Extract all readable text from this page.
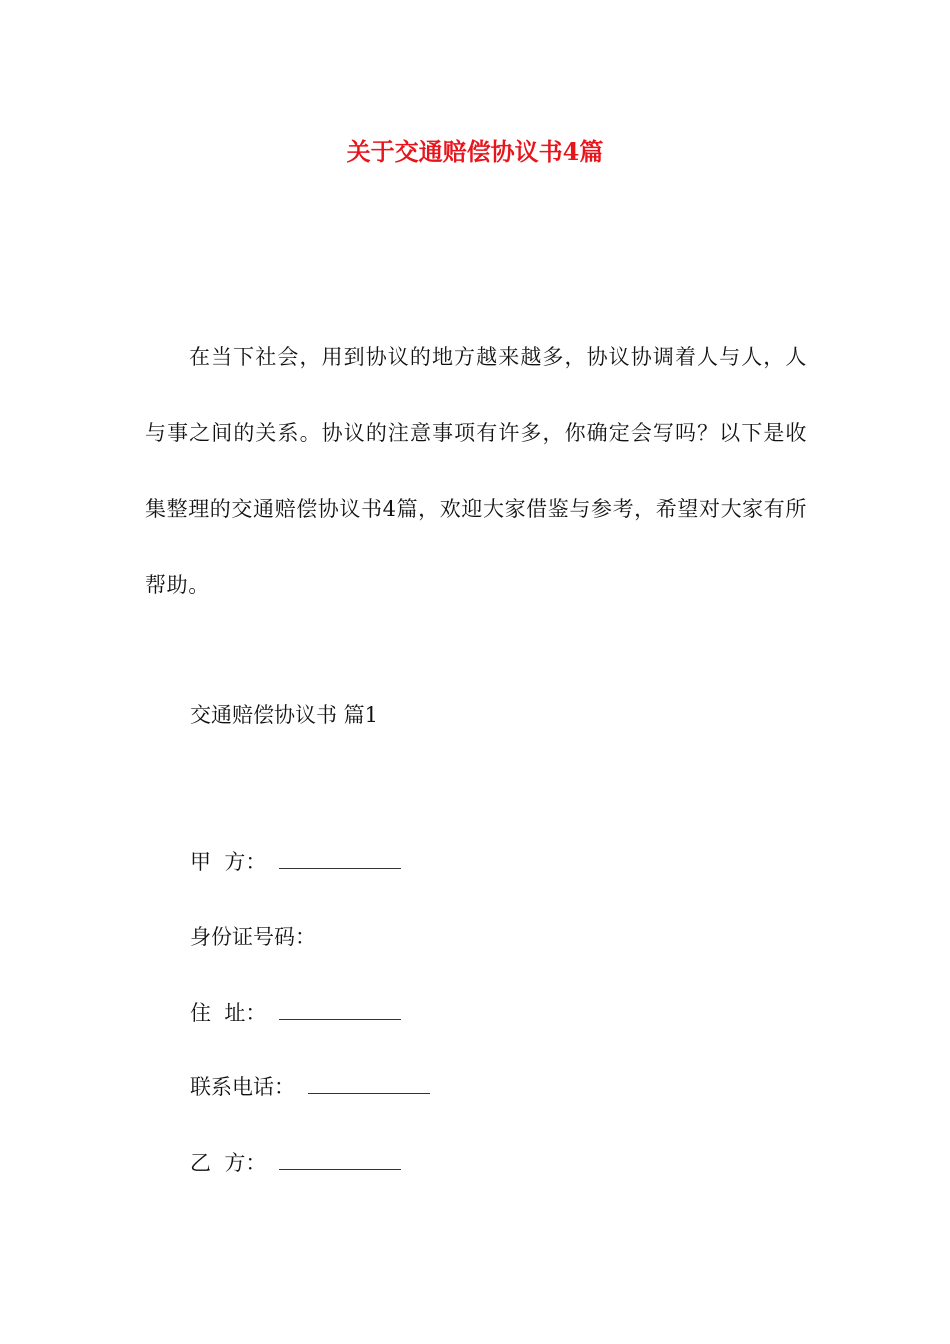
关于交通赔偿协议书4篇

在当下社会，用到协议的地方越来越多，协议协调着人与人，人与事之间的关系。协议的注意事项有许多，你确定会写吗？以下是收集整理的交通赔偿协议书4篇，欢迎大家借鉴与参考，希望对大家有所帮助。

交通赔偿协议书 篇1

甲  方：
身份证号码：
住  址：
联系电话：
乙  方：
